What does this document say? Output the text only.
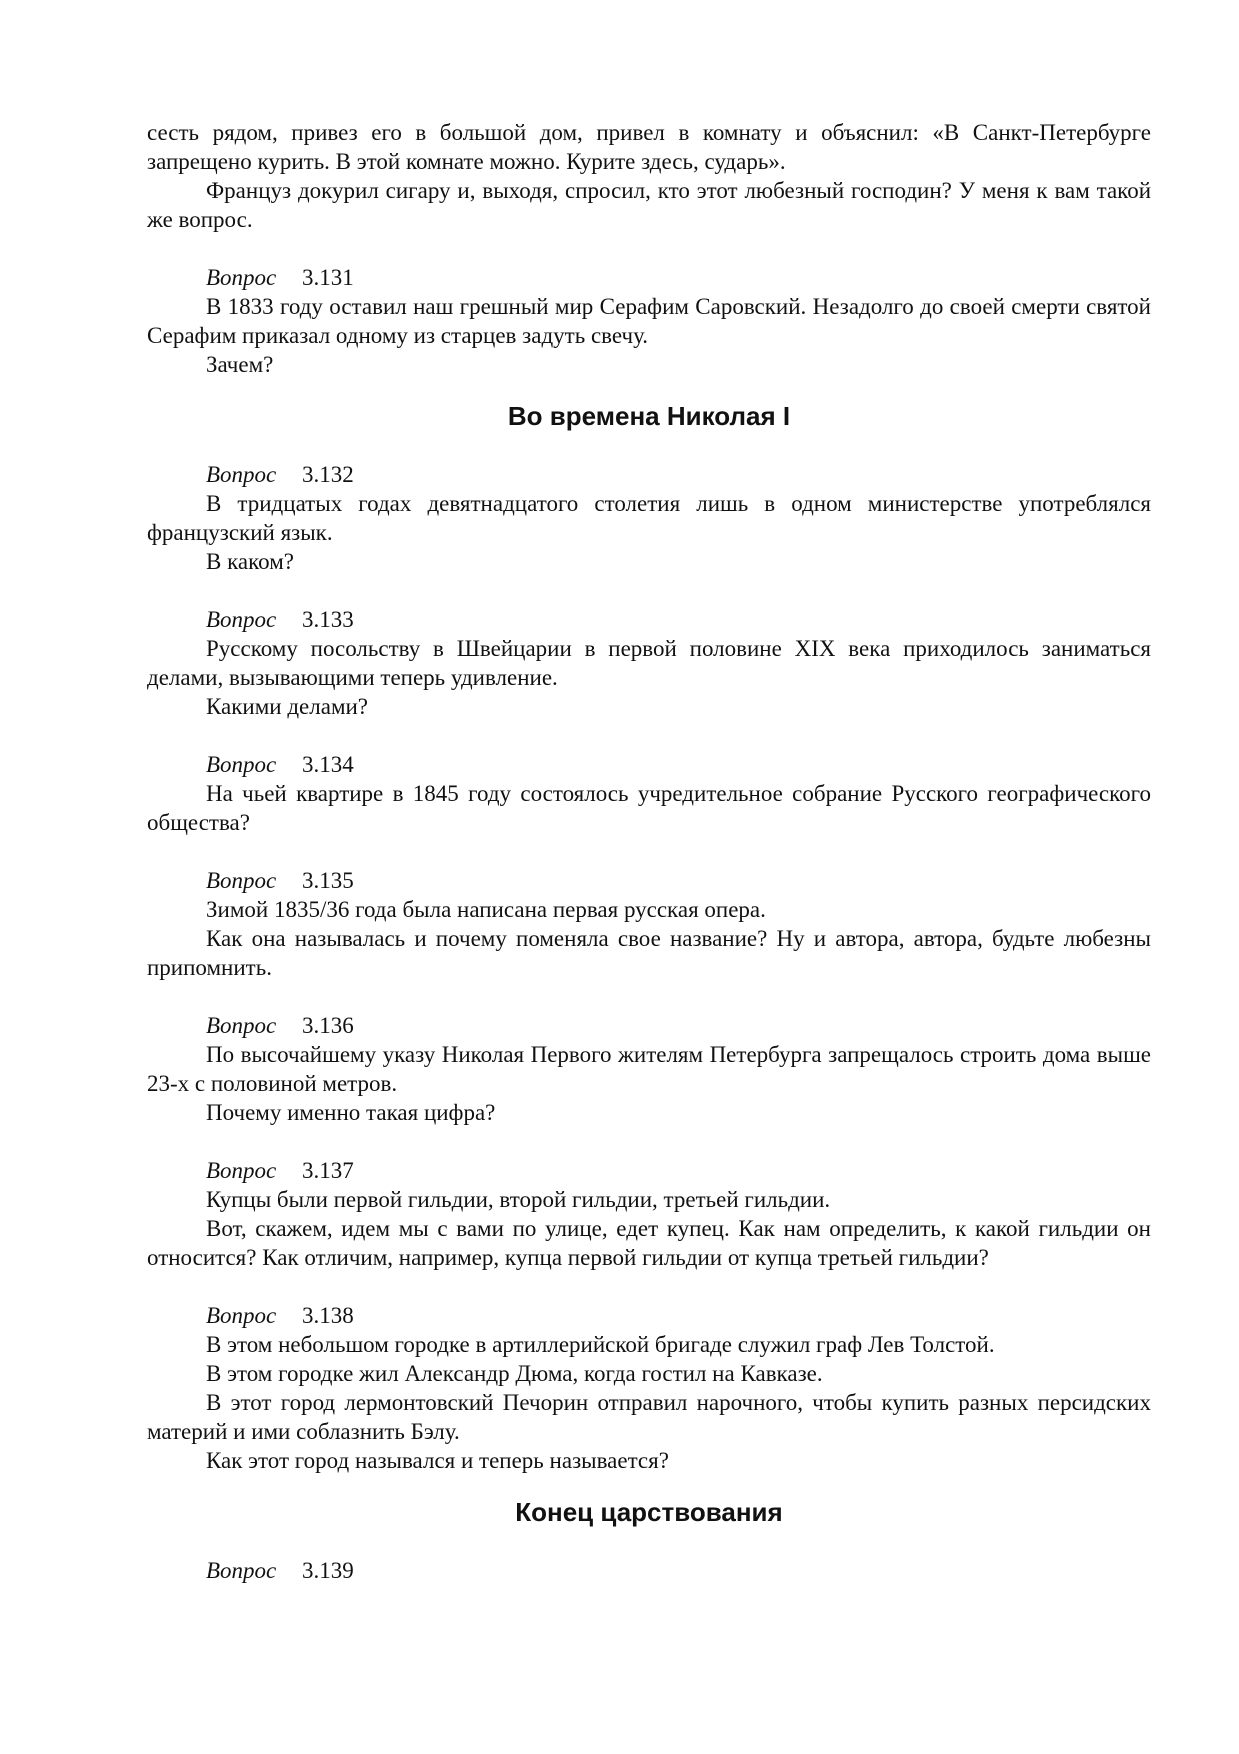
сесть рядом, привез его в большой дом, привел в комнату и объяснил: «В Санкт-Петербурге запрещено курить. В этой комнате можно. Курите здесь, сударь».

Француз докурил сигару и, выходя, спросил, кто этот любезный господин? У меня к вам такой же вопрос.

Вопрос 3.131

В 1833 году оставил наш грешный мир Серафим Саровский. Незадолго до своей смерти святой Серафим приказал одному из старцев задуть свечу.

Зачем?

Во времена Николая I
Вопрос 3.132

В тридцатых годах девятнадцатого столетия лишь в одном министерстве употреблялся французский язык.

В каком?

Вопрос 3.133

Русскому посольству в Швейцарии в первой половине XIX века приходилось заниматься делами, вызывающими теперь удивление.

Какими делами?

Вопрос 3.134

На чьей квартире в 1845 году состоялось учредительное собрание Русского географического общества?

Вопрос 3.135

Зимой 1835/36 года была написана первая русская опера.

Как она называлась и почему поменяла свое название? Ну и автора, автора, будьте любезны припомнить.

Вопрос 3.136

По высочайшему указу Николая Первого жителям Петербурга запрещалось строить дома выше 23-х с половиной метров.

Почему именно такая цифра?

Вопрос 3.137

Купцы были первой гильдии, второй гильдии, третьей гильдии.

Вот, скажем, идем мы с вами по улице, едет купец. Как нам определить, к какой гильдии он относится? Как отличим, например, купца первой гильдии от купца третьей гильдии?

Вопрос 3.138

В этом небольшом городке в артиллерийской бригаде служил граф Лев Толстой.

В этом городке жил Александр Дюма, когда гостил на Кавказе.

В этот город лермонтовский Печорин отправил нарочного, чтобы купить разных персидских материй и ими соблазнить Бэлу.

Как этот город назывался и теперь называется?

Конец царствования
Вопрос 3.139
